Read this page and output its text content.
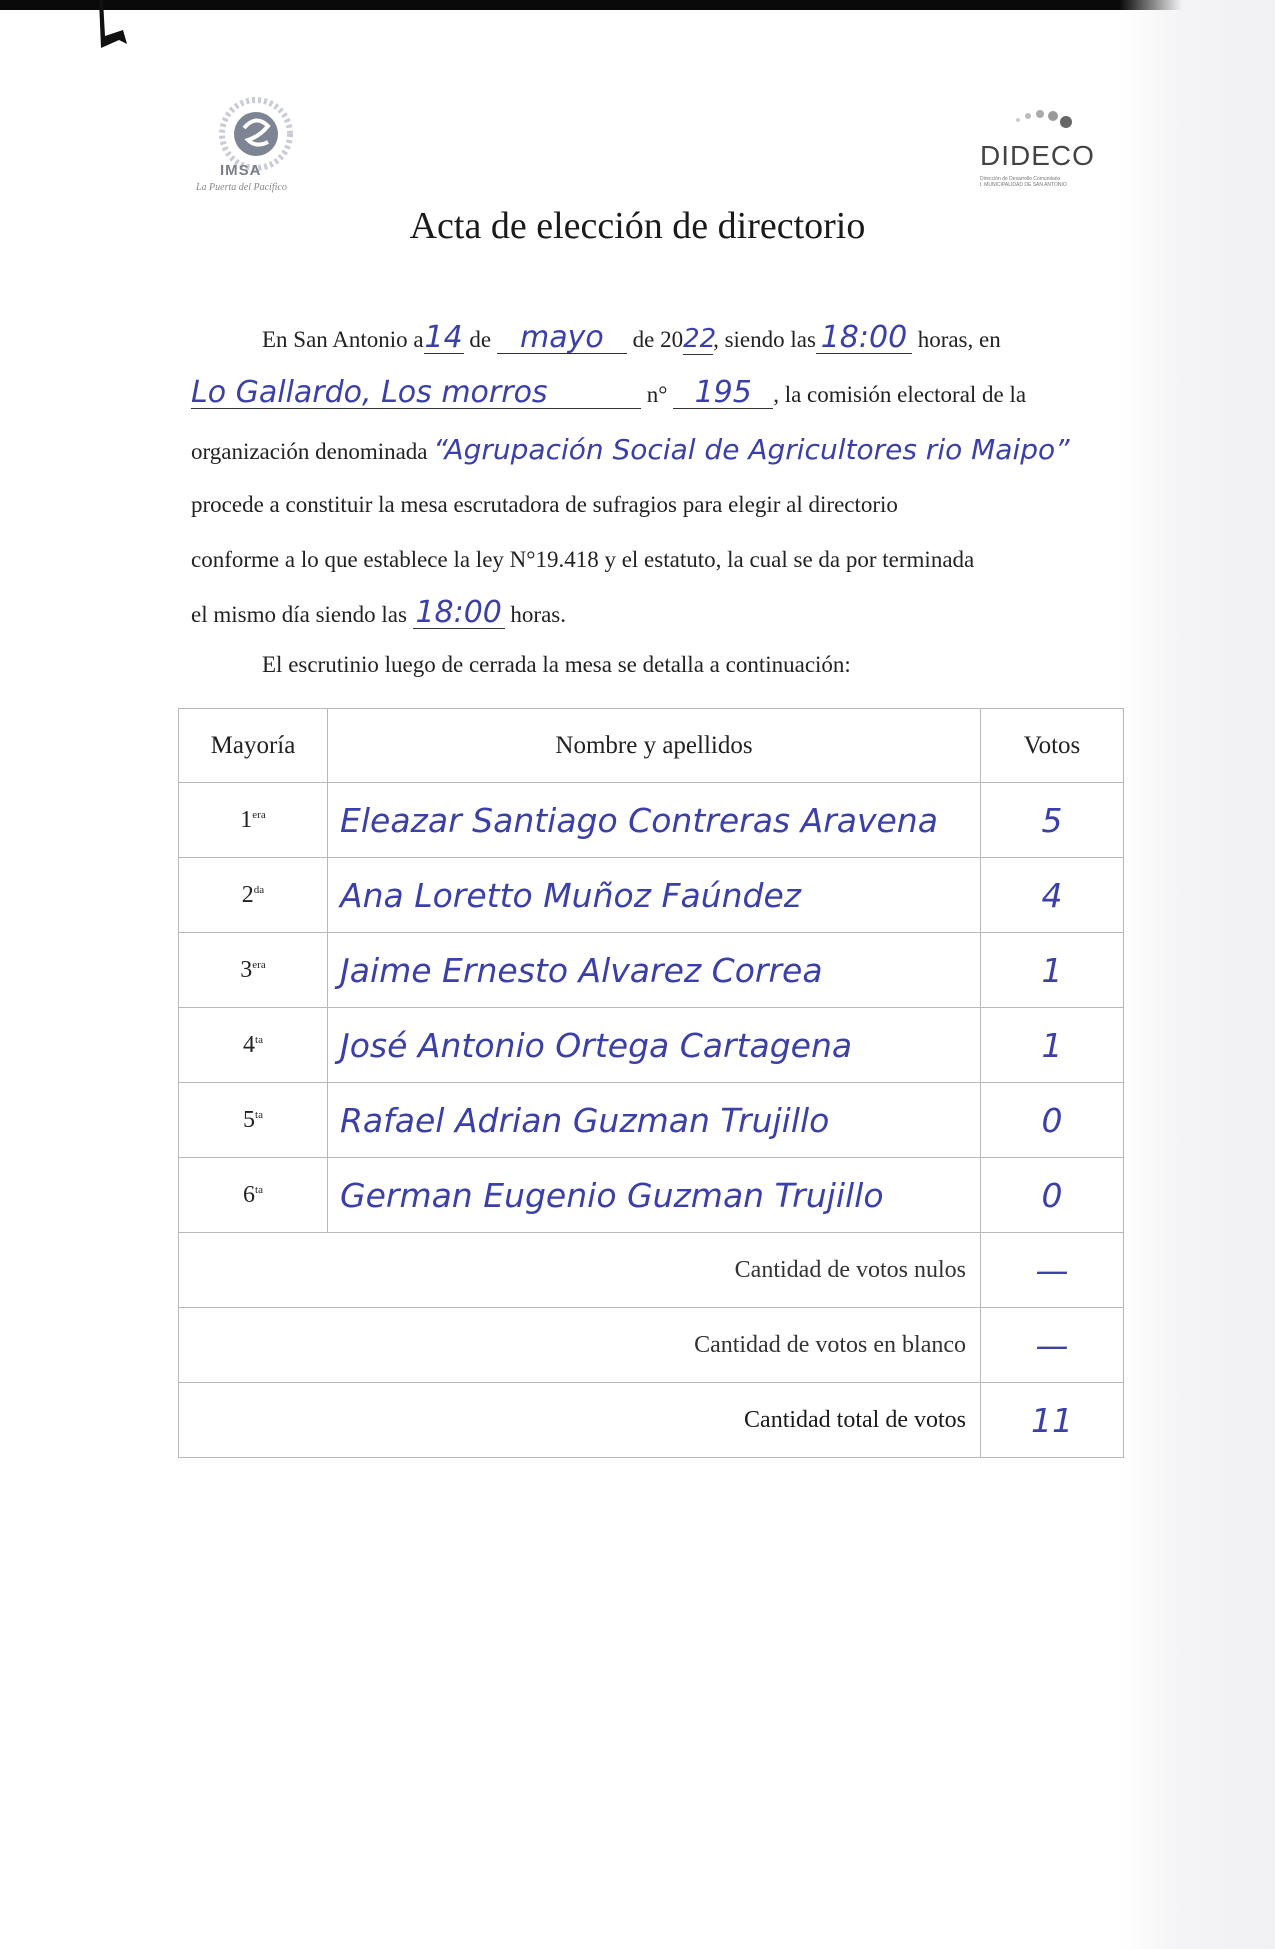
IMSA
La Puerta del Pacífico
DIDECO
Dirección de Desarrollo Comunitario
I. MUNICIPALIDAD DE SAN ANTONIO
Acta de elección de directorio
En San Antonio a14 de mayo de 2022, siendo las 18:00 horas, en
Lo Gallardo, Los morros	n° 195 , la comisión electoral de la
organización denominada “Agrupación Social de Agricultores rio Maipo”
procede a constituir la mesa escrutadora de sufragios para elegir al directorio
conforme a lo que establece la ley N°19.418 y el estatuto, la cual se da por terminada
el mismo día siendo las 18:00 horas.
El escrutinio luego de cerrada la mesa se detalla a continuación:
Mayoría	Nombre y apellidos	Votos
$1^{era}$	Eleazar Santiago Contreras Aravena	5
$2^{da}$	Ana Loretto Muñoz Faúndez	4
$3^{era}$	Jaime Ernesto Alvarez Correa	1
$4^{ta}$	José Antonio Ortega Cartagena	1
$5^{ta}$	Rafael Adrian Guzman Trujillo	0
$6^{ta}$	German Eugenio Guzman Trujillo	0
Cantidad de votos nulos		—
Cantidad de votos en blanco		—
Cantidad total de votos		11
